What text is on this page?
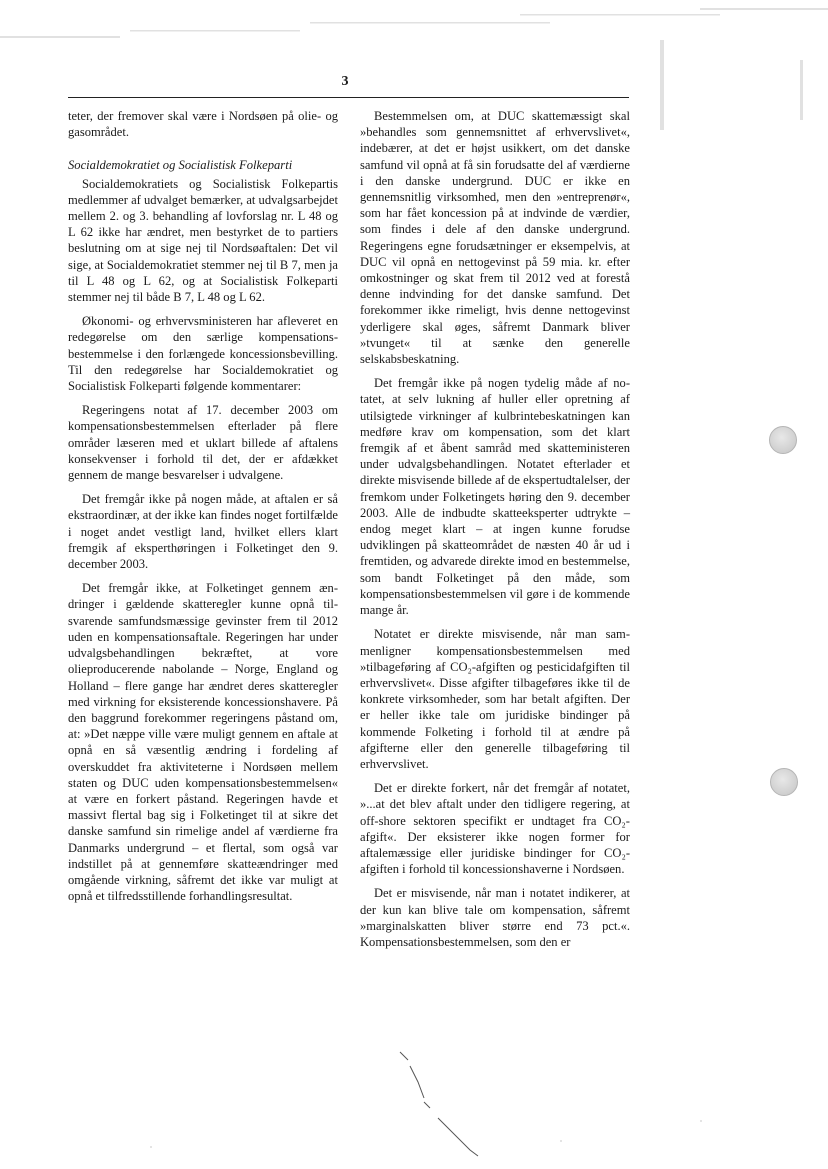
3

teter, der fremover skal være i Nordsøen på olie- og gasområdet.

Socialdemokratiet og Socialistisk Folkeparti

Socialdemokratiets og Socialistisk Folkepartis medlemmer af udvalget bemærker, at udvalgsarbejdet mellem 2. og 3. behandling af lovforslag nr. L 48 og L 62 ikke har ændret, men bestyrket de to partiers beslutning om at sige nej til Nordsøaftalen: Det vil sige, at Socialdemokratiet stemmer nej til B 7, men ja til L 48 og L 62, og at Socialistisk Folkeparti stemmer nej til både B 7, L 48 og L 62.

Økonomi- og erhvervsministeren har afleveret en redegørelse om den særlige kompensationsbestemmelse i den forlængede koncessionsbevilling. Til den redegørelse har Socialdemokratiet og Socialistisk Folkeparti følgende kommentarer:

Regeringens notat af 17. december 2003 om kompensationsbestemmelsen efterlader på flere områder læseren med et uklart billede af aftalens konsekvenser i forhold til det, der er afdækket gennem de mange besvarelser i udvalgene.

Det fremgår ikke på nogen måde, at aftalen er så ekstraordinær, at der ikke kan findes noget fortilfælde i noget andet vestligt land, hvilket ellers klart fremgik af eksperthøringen i Folketinget den 9. december 2003.

Det fremgår ikke, at Folketinget gennem ændringer i gældende skatteregler kunne opnå tilsvarende samfundsmæssige gevinster frem til 2012 uden en kompensationsaftale. Regeringen har under udvalgsbehandlingen bekræftet, at vore olieproducerende nabolande – Norge, England og Holland – flere gange har ændret deres skatteregler med virkning for eksisterende koncessionshavere. På den baggrund forekommer regeringens påstand om, at: »Det næppe ville være muligt gennem en aftale at opnå en så væsentlig ændring i fordeling af overskuddet fra aktiviteterne i Nordsøen mellem staten og DUC uden kompensationsbestemmelsen« at være en forkert påstand. Regeringen havde et massivt flertal bag sig i Folketinget til at sikre det danske samfund sin rimelige andel af værdierne fra Danmarks undergrund – et flertal, som også var indstillet på at gennemføre skatteændringer med omgående virkning, såfremt det ikke var muligt at opnå et tilfredsstillende forhandlingsresultat.

Bestemmelsen om, at DUC skattemæssigt skal »behandles som gennemsnittet af erhvervslivet«, indebærer, at det er højst usikkert, om det danske samfund vil opnå at få sin forudsatte del af værdierne i den danske undergrund. DUC er ikke en gennemsnitlig virksomhed, men den »entreprenør«, som har fået koncession på at indvinde de værdier, som findes i dele af den danske undergrund. Regeringens egne forudsætninger er eksempelvis, at DUC vil opnå en nettogevinst på 59 mia. kr. efter omkostninger og skat frem til 2012 ved at forestå denne indvinding for det danske samfund. Det forekommer ikke rimeligt, hvis denne nettogevinst yderligere skal øges, såfremt Danmark bliver »tvunget« til at sænke den generelle selskabsbeskatning.

Det fremgår ikke på nogen tydelig måde af notatet, at selv lukning af huller eller opretning af utilsigtede virkninger af kulbrintebeskatningen kan medføre krav om kompensation, som det klart fremgik af et åbent samråd med skatteministeren under udvalgsbehandlingen. Notatet efterlader et direkte misvisende billede af de ekspertudtalelser, der fremkom under Folketingets høring den 9. december 2003. Alle de indbudte skatteeksperter udtrykte – endog meget klart – at ingen kunne forudse udviklingen på skatteområdet de næsten 40 år ud i fremtiden, og advarede direkte imod en bestemmelse, som bandt Folketinget på den måde, som kompensationsbestemmelsen vil gøre i de kommende mange år.

Notatet er direkte misvisende, når man sammenligner kompensationsbestemmelsen med »tilbageføring af CO₂-afgiften og pesticidafgiften til erhvervslivet«. Disse afgifter tilbageføres ikke til de konkrete virksomheder, som har betalt afgiften. Der er heller ikke tale om juridiske bindinger på kommende Folketing i forhold til at ændre på afgifterne eller den generelle tilbageføring til erhvervslivet.

Det er direkte forkert, når det fremgår af notatet, »...at det blev aftalt under den tidligere regering, at off-shore sektoren specifikt er undtaget fra CO₂-afgift«. Der eksisterer ikke nogen former for aftalemæssige eller juridiske bindinger for CO₂-afgiften i forhold til koncessionshaverne i Nordsøen.

Det er misvisende, når man i notatet indikerer, at der kun kan blive tale om kompensation, såfremt »marginalskatten bliver større end 73 pct.«. Kompensationsbestemmelsen, som den er
